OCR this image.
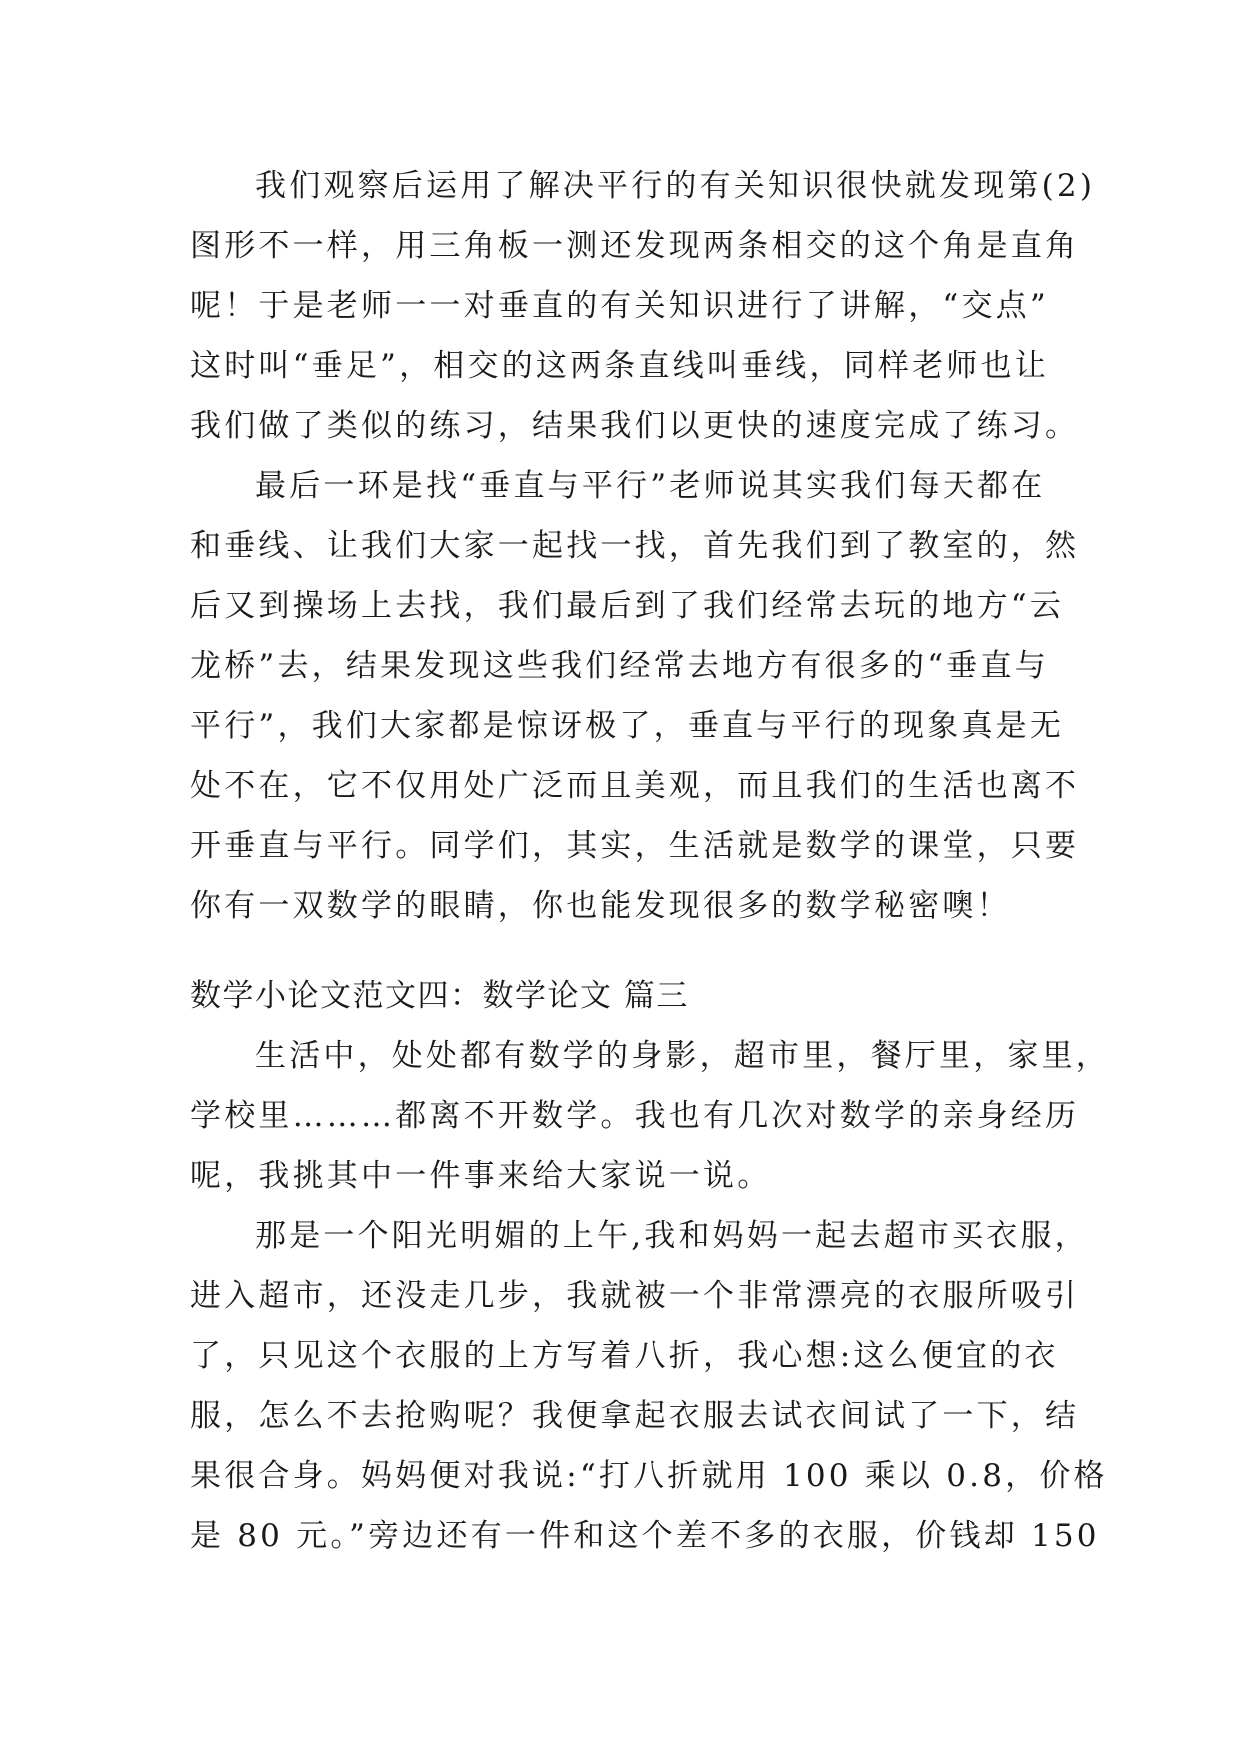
我们观察后运用了解决平行的有关知识很快就发现第(2)
图形不一样，用三角板一测还发现两条相交的这个角是直角
呢！于是老师一一对垂直的有关知识进行了讲解，“交点”
这时叫“垂足”，相交的这两条直线叫垂线，同样老师也让
我们做了类似的练习，结果我们以更快的速度完成了练习。
最后一环是找“垂直与平行”老师说其实我们每天都在
和垂线、让我们大家一起找一找，首先我们到了教室的，然
后又到操场上去找，我们最后到了我们经常去玩的地方“云
龙桥”去，结果发现这些我们经常去地方有很多的“垂直与
平行”，我们大家都是惊讶极了，垂直与平行的现象真是无
处不在，它不仅用处广泛而且美观，而且我们的生活也离不
开垂直与平行。同学们，其实，生活就是数学的课堂，只要
你有一双数学的眼睛，你也能发现很多的数学秘密噢！
数学小论文范文四：数学论文 篇三
生活中，处处都有数学的身影，超市里，餐厅里，家里，
学校里………都离不开数学。我也有几次对数学的亲身经历
呢，我挑其中一件事来给大家说一说。
那是一个阳光明媚的上午,我和妈妈一起去超市买衣服，
进入超市，还没走几步，我就被一个非常漂亮的衣服所吸引
了，只见这个衣服的上方写着八折，我心想:这么便宜的衣
服，怎么不去抢购呢？我便拿起衣服去试衣间试了一下，结
果很合身。妈妈便对我说:“打八折就用 100 乘以 0.8，价格
是 80 元。”旁边还有一件和这个差不多的衣服，价钱却 150
